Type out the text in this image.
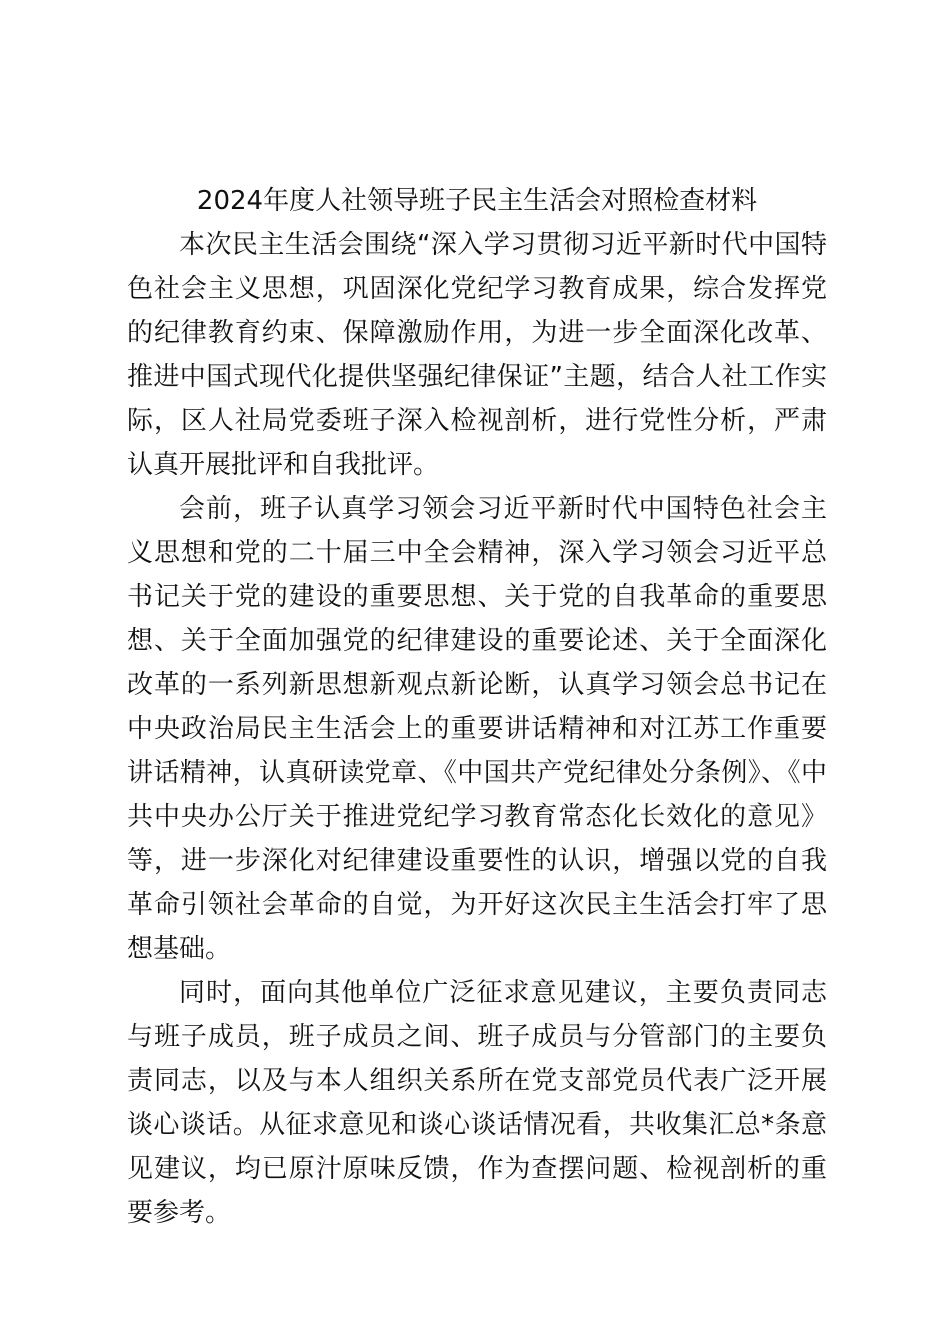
2024年度人社领导班子民主生活会对照检查材料

本次民主生活会围绕“深入学习贯彻习近平新时代中国特色社会主义思想，巩固深化党纪学习教育成果，综合发挥党的纪律教育约束、保障激励作用，为进一步全面深化改革、推进中国式现代化提供坚强纪律保证”主题，结合人社工作实际，区人社局党委班子深入检视剖析，进行党性分析，严肃认真开展批评和自我批评。

会前，班子认真学习领会习近平新时代中国特色社会主义思想和党的二十届三中全会精神，深入学习领会习近平总书记关于党的建设的重要思想、关于党的自我革命的重要思想、关于全面加强党的纪律建设的重要论述、关于全面深化改革的一系列新思想新观点新论断，认真学习领会总书记在中央政治局民主生活会上的重要讲话精神和对江苏工作重要讲话精神，认真研读党章、《中国共产党纪律处分条例》、《中共中央办公厅关于推进党纪学习教育常态化长效化的意见》等，进一步深化对纪律建设重要性的认识，增强以党的自我革命引领社会革命的自觉，为开好这次民主生活会打牢了思想基础。

同时，面向其他单位广泛征求意见建议，主要负责同志与班子成员，班子成员之间、班子成员与分管部门的主要负责同志，以及与本人组织关系所在党支部党员代表广泛开展谈心谈话。从征求意见和谈心谈话情况看，共收集汇总*条意见建议，均已原汁原味反馈，作为查摆问题、检视剖析的重要参考。
